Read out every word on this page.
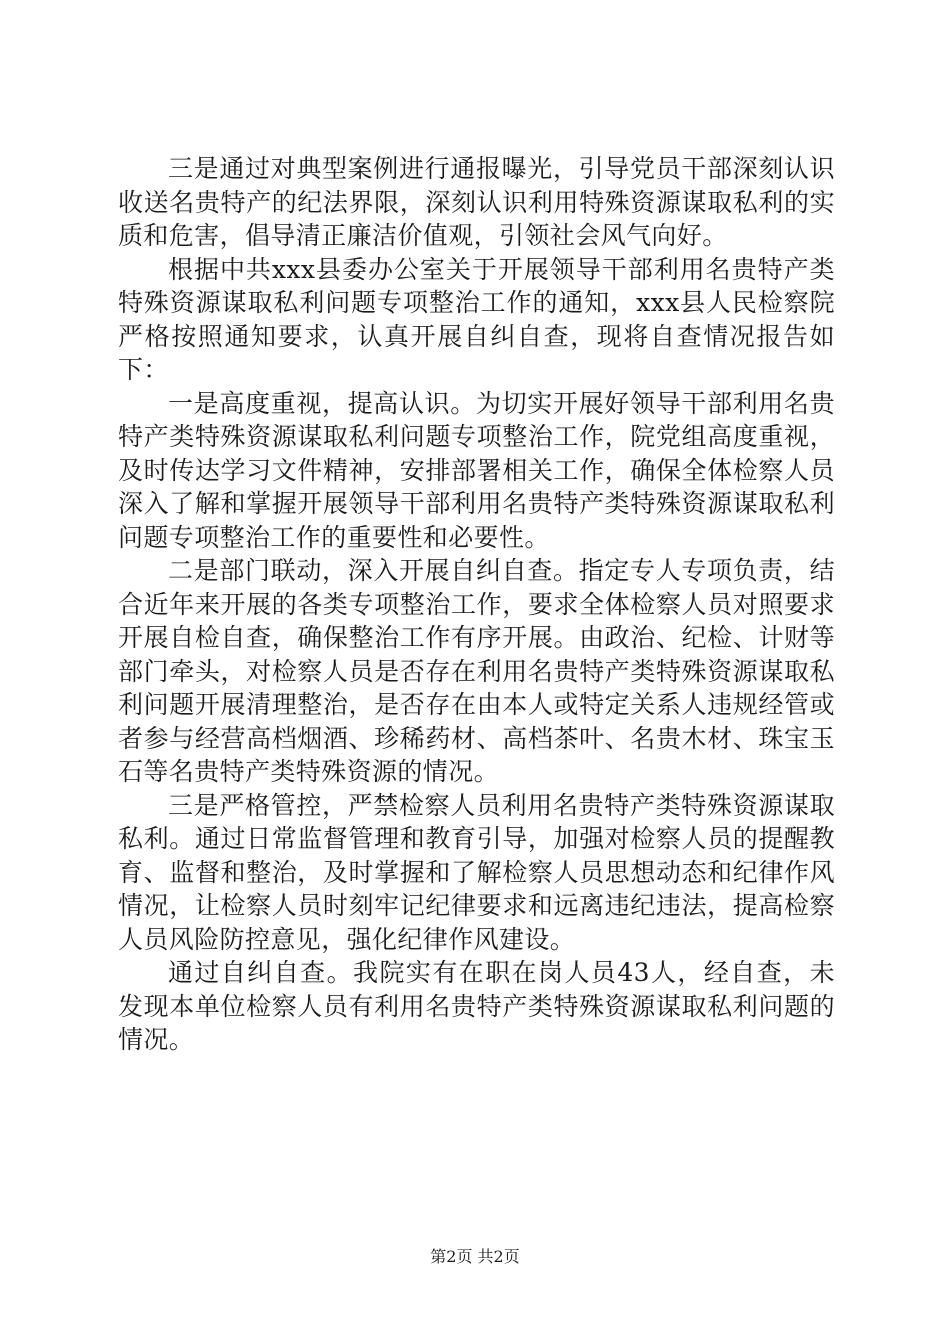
三是通过对典型案例进行通报曝光，引导党员干部深刻认识收送名贵特产的纪法界限，深刻认识利用特殊资源谋取私利的实质和危害，倡导清正廉洁价值观，引领社会风气向好。

根据中共xxx县委办公室关于开展领导干部利用名贵特产类特殊资源谋取私利问题专项整治工作的通知，xxx县人民检察院严格按照通知要求，认真开展自纠自查，现将自查情况报告如下：

一是高度重视，提高认识。为切实开展好领导干部利用名贵特产类特殊资源谋取私利问题专项整治工作，院党组高度重视，及时传达学习文件精神，安排部署相关工作，确保全体检察人员深入了解和掌握开展领导干部利用名贵特产类特殊资源谋取私利问题专项整治工作的重要性和必要性。

二是部门联动，深入开展自纠自查。指定专人专项负责，结合近年来开展的各类专项整治工作，要求全体检察人员对照要求开展自检自查，确保整治工作有序开展。由政治、纪检、计财等部门牵头，对检察人员是否存在利用名贵特产类特殊资源谋取私利问题开展清理整治，是否存在由本人或特定关系人违规经管或者参与经营高档烟酒、珍稀药材、高档茶叶、名贵木材、珠宝玉石等名贵特产类特殊资源的情况。

三是严格管控，严禁检察人员利用名贵特产类特殊资源谋取私利。通过日常监督管理和教育引导，加强对检察人员的提醒教育、监督和整治，及时掌握和了解检察人员思想动态和纪律作风情况，让检察人员时刻牢记纪律要求和远离违纪违法，提高检察人员风险防控意见，强化纪律作风建设。

通过自纠自查。我院实有在职在岗人员43人，经自查，未发现本单位检察人员有利用名贵特产类特殊资源谋取私利问题的情况。

第2页 共2页
